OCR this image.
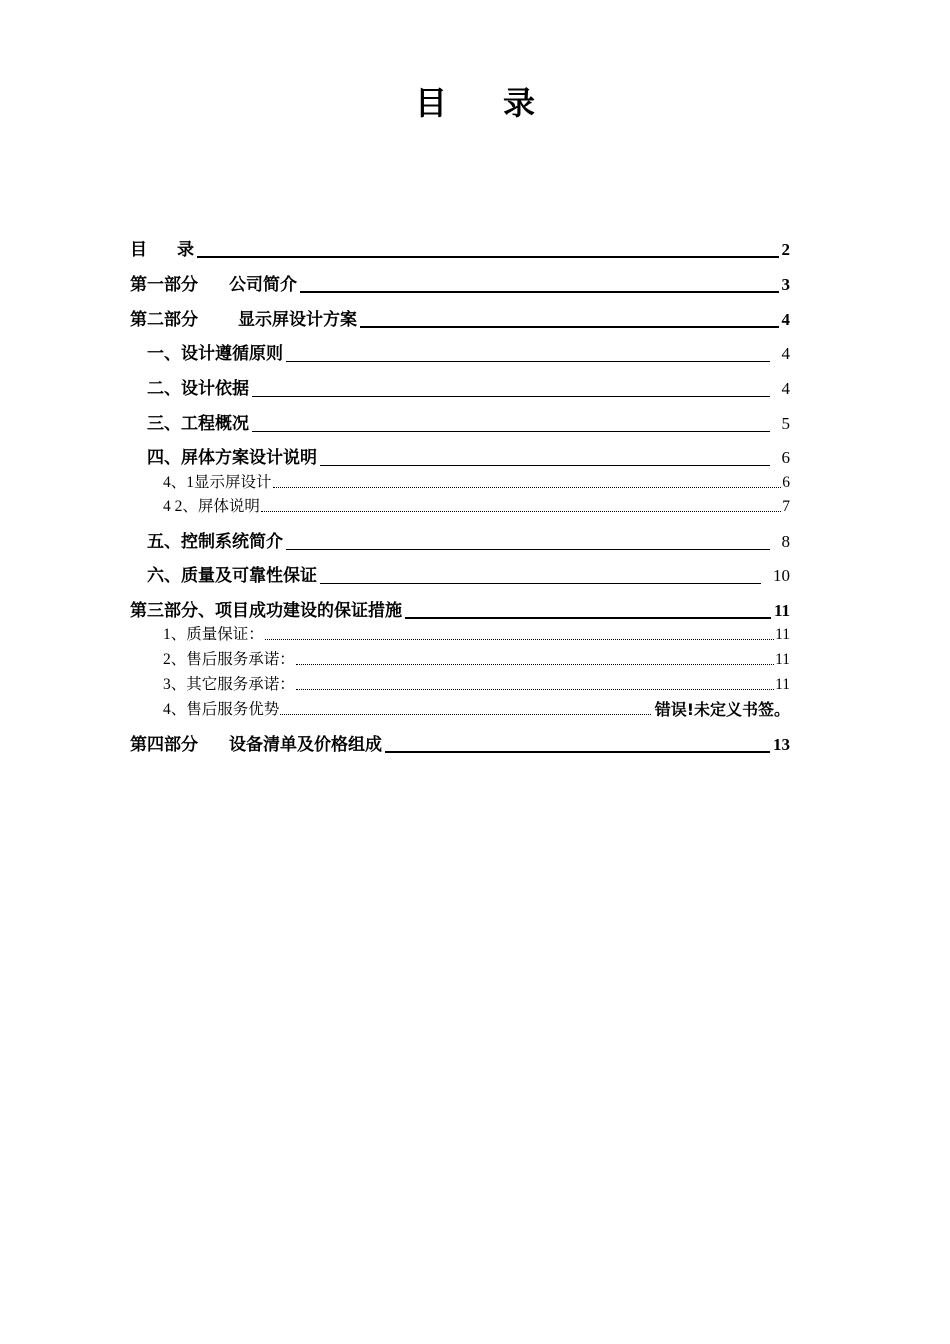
目 录
目 录	2
第一部分 公司简介	3
第二部分 显示屏设计方案	4
一、设计遵循原则	4
二、设计依据	4
三、工程概况	5
四、屏体方案设计说明	6
4、1显示屏设计	6
4 2、屏体说明	7
五、控制系统简介	8
六、质量及可靠性保证	10
第三部分、项目成功建设的保证措施	11
1、质量保证：	11
2、售后服务承诺：	11
3、其它服务承诺：	11
4、售后服务优势	错误!未定义书签。
第四部分 设备清单及价格组成	13
